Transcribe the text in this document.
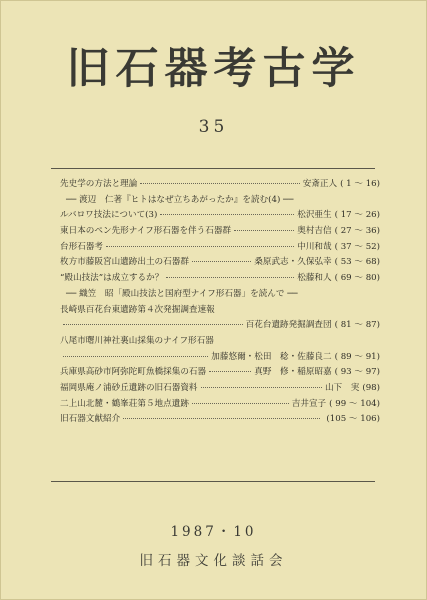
旧石器考古学
35
先史学の方法と理論	安斎正人 ( 1 〜 16)
── 渡辺　仁著『ヒトはなぜ立ちあがったか』を読む(4) ──
ルバロワ技法について(3)	松沢亜生 ( 17 〜 26)
東日本のペン先形ナイフ形石器を伴う石器群	奥村吉信 ( 27 〜 36)
台形石器考	中川和哉 ( 37 〜 52)
枚方市藤阪宮山遺跡出土の石器群	桑原武志・久保弘幸 ( 53 〜 68)
“殿山技法”は成立するか？	松藤和人 ( 69 〜 80)
── 織笠　昭「殿山技法と国府型ナイフ形石器」を読んで ──
長崎県百花台東遺跡第４次発掘調査速報
百花台遺跡発掘調査団 ( 81 〜 87)
八尾市曙川神社裏山採集のナイフ形石器
加藤悠爾・松田　稔・佐藤良二 ( 89 〜 91)
兵庫県高砂市阿弥陀町魚橋採集の石器	真野　修・稲原昭嘉 ( 93 〜 97)
福岡県庵ノ浦砂丘遺跡の旧石器資料	山下　実 (98)
二上山北麓・鶴峯荘第５地点遺跡	吉井宣子 ( 99 〜 104)
旧石器文献紹介	(105 〜 106)
1987・10
旧石器文化談話会
